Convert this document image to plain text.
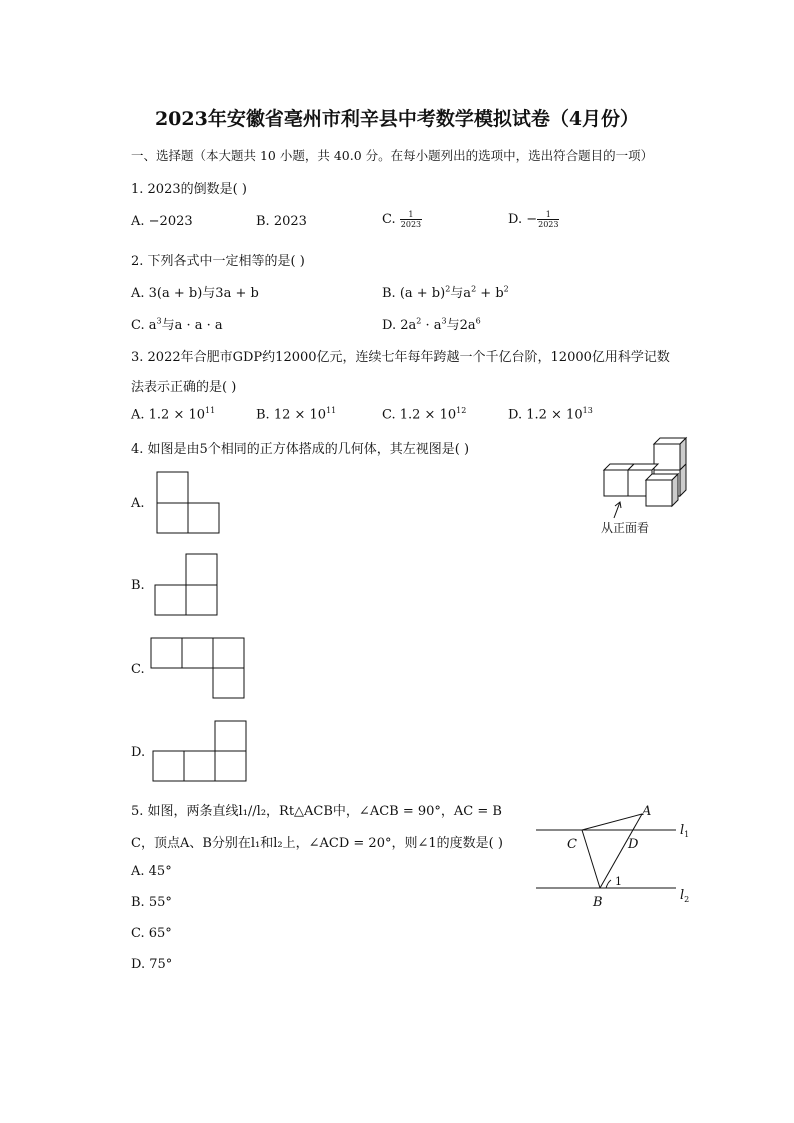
2023年安徽省亳州市利辛县中考数学模拟试卷（4月份）
一、选择题（本大题共 10 小题，共 40.0 分。在每小题列出的选项中，选出符合题目的一项）
1. 2023的倒数是( )
A. −2023	B. 2023	C. $\frac{1}{2023}$	D. − $\frac{1}{2023}$
2. 下列各式中一定相等的是( )
A. 3(a + b)与3a + b	B. $(a + b)^2$与$a^2 + b^2$
C. $a^3$与a · a · a	D. $2a^2 \cdot a^3$与$2a^6$
3. 2022年合肥市GDP约12000亿元，连续七年每年跨越一个千亿台阶，12000亿用科学记数
法表示正确的是( )
A. $1.2 \times 10^{11}$	B. $12 \times 10^{11}$	C. $1.2 \times 10^{12}$	D. $1.2 \times 10^{13}$
4. 如图是由5个相同的正方体搭成的几何体，其左视图是( )
从正面看
A.
B.
C.
D.
5. 如图，两条直线l₁//l₂，Rt△ACB中，∠ACB = 90°，AC = B
C，顶点A、B分别在l₁和l₂上，∠ACD = 20°，则∠1的度数是( )
A. 45°
B. 55°
C. 65°
D. 75°
A
C	D
B
$l_1$
$l_2$
1
